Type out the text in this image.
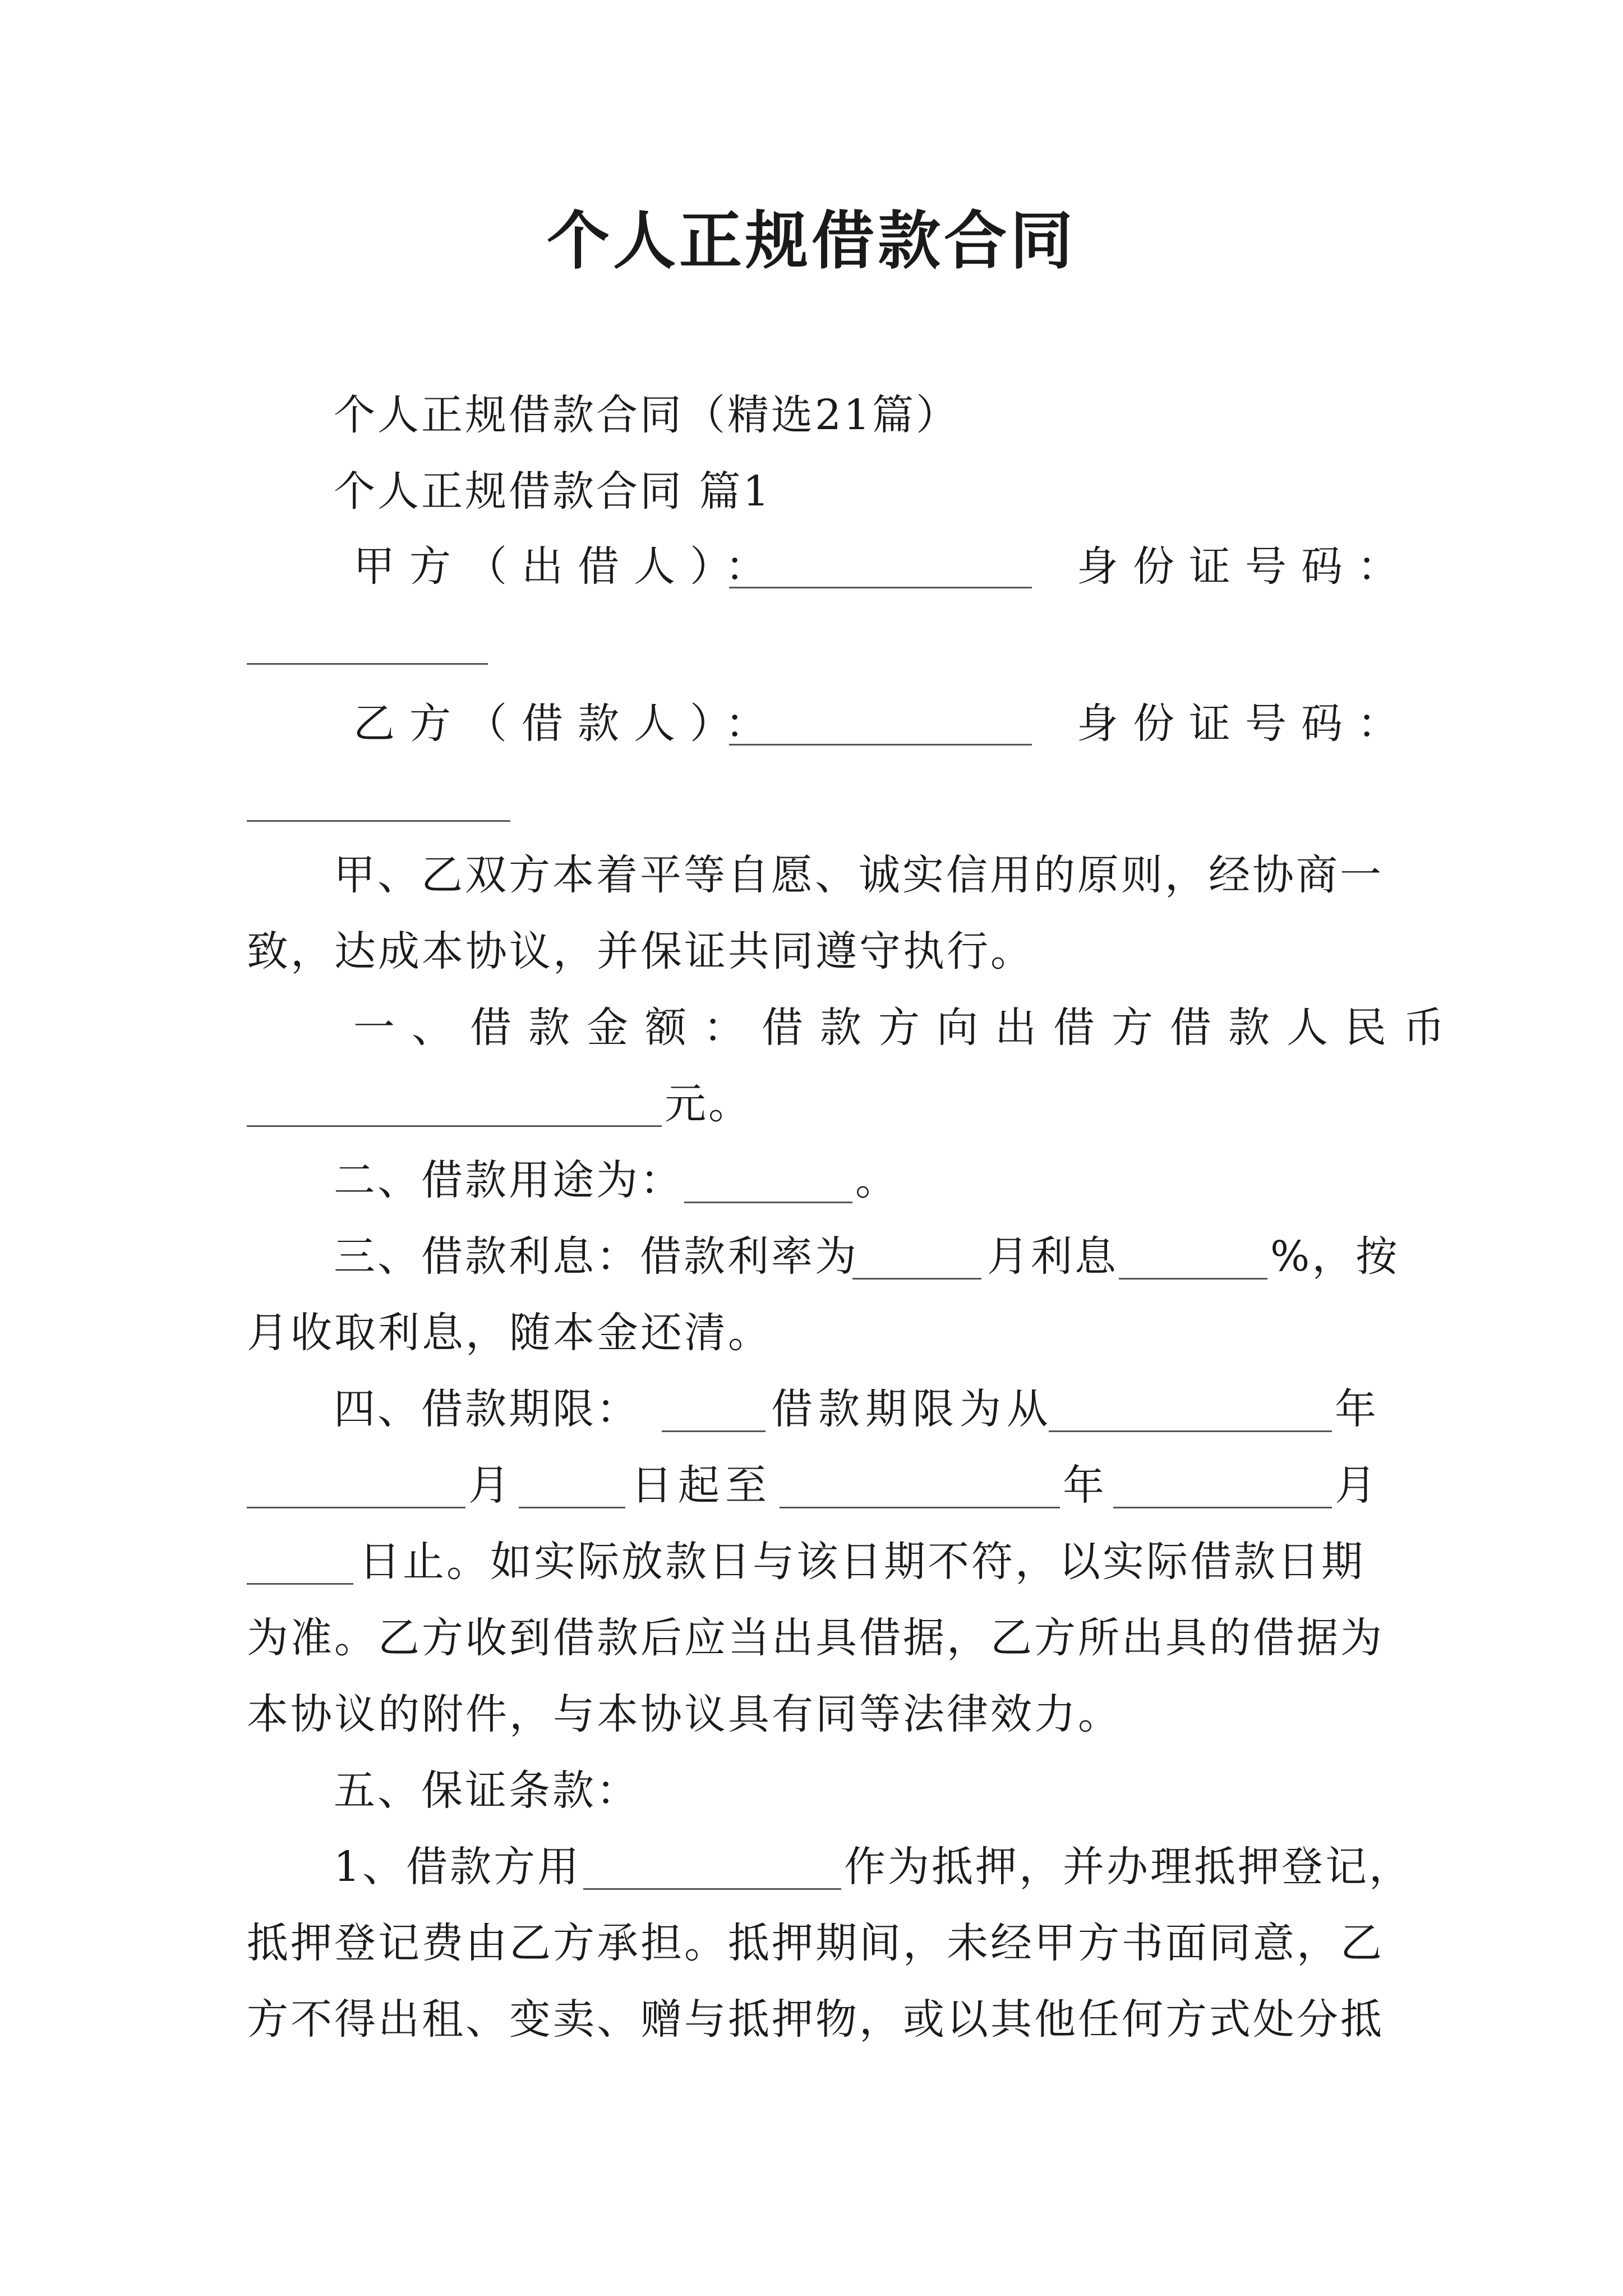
个人正规借款合同
个人正规借款合同（精选21篇）
个人正规借款合同 篇1
甲方（出借人）：	身份证号码：
乙方（借款人）：	身份证号码：
甲、乙双方本着平等自愿、诚实信用的原则，经协商一
致，达成本协议，并保证共同遵守执行。
一、借款金额：借款方向出借方借款人民币
元。
二、借款用途为：	。
三、借款利息：借款利率为	月利息	%，按
月收取利息，随本金还清。
四、借款期限：	借款期限为从	年
月	日起至	年	月
日止。如实际放款日与该日期不符，以实际借款日期
为准。乙方收到借款后应当出具借据，乙方所出具的借据为
本协议的附件，与本协议具有同等法律效力。
五、保证条款：
1、借款方用	作为抵押，并办理抵押登记，
抵押登记费由乙方承担。抵押期间，未经甲方书面同意，乙
方不得出租、变卖、赠与抵押物，或以其他任何方式处分抵
